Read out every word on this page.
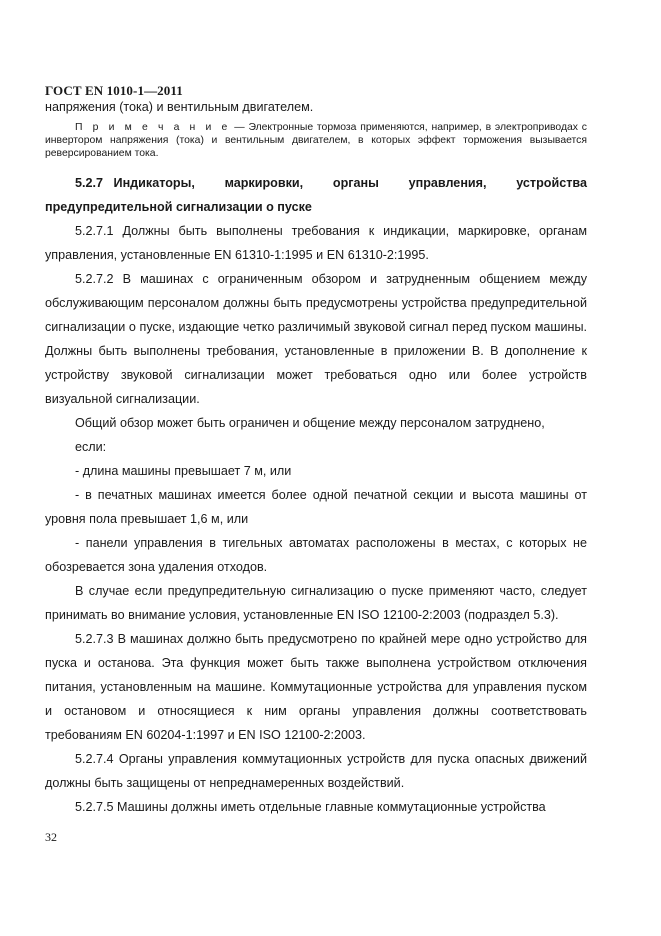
ГОСТ EN 1010-1—2011

напряжения (тока) и вентильным двигателем.

П р и м е ч а н и е — Электронные тормоза применяются, например, в электроприводах с инвертором напряжения (тока) и вентильным двигателем, в которых эффект торможения вызывается реверсированием тока.
5.2.7 Индикаторы, маркировки, органы управления, устройства
предупредительной сигнализации о пуске

5.2.7.1 Должны быть выполнены требования к индикации, маркировке, органам управления, установленные EN 61310-1:1995 и EN 61310-2:1995.

5.2.7.2 В машинах с ограниченным обзором и затрудненным общением между обслуживающим персоналом должны быть предусмотрены устройства предупредительной сигнализации о пуске, издающие четко различимый звуковой сигнал перед пуском машины. Должны быть выполнены требования, установленные в приложении В. В дополнение к устройству звуковой сигнализации может требоваться одно или более устройств визуальной сигнализации.

Общий обзор может быть ограничен и общение между персоналом затруднено,

если:

- длина машины превышает 7 м, или

- в печатных машинах имеется более одной печатной секции и высота машины от уровня пола превышает 1,6 м, или

- панели управления в тигельных автоматах расположены в местах, с которых не обозревается зона удаления отходов.

В случае если предупредительную сигнализацию о пуске применяют часто, следует принимать во внимание условия, установленные EN ISO 12100-2:2003 (подраздел 5.3).

5.2.7.3 В машинах должно быть предусмотрено по крайней мере одно устройство для пуска и останова. Эта функция может быть также выполнена устройством отключения питания, установленным на машине. Коммутационные устройства для управления пуском и остановом и относящиеся к ним органы управления должны соответствовать требованиям EN 60204-1:1997 и EN ISO 12100-2:2003.

5.2.7.4 Органы управления коммутационных устройств для пуска опасных движений должны быть защищены от непреднамеренных воздействий.

5.2.7.5 Машины должны иметь отдельные главные коммутационные устройства

32
